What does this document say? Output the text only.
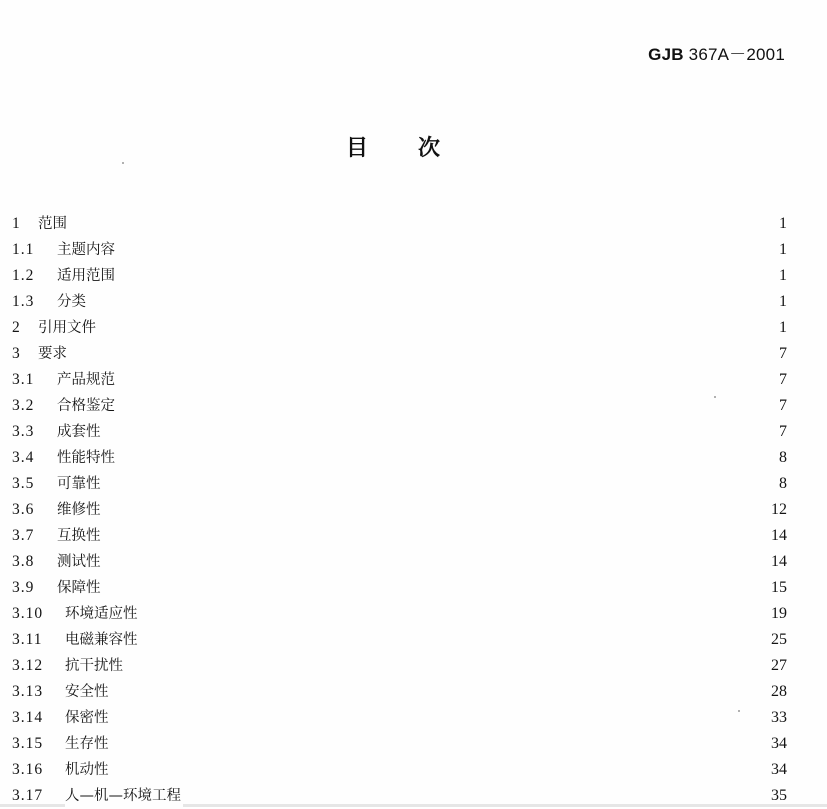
GJB 367A－2001
目次
1 范围	1
1.1 主题内容	1
1.2 适用范围	1
1.3 分类	1
2 引用文件	1
3 要求	7
3.1 产品规范	7
3.2 合格鉴定	7
3.3 成套性	7
3.4 性能特性	8
3.5 可靠性	8
3.6 维修性	12
3.7 互换性	14
3.8 测试性	14
3.9 保障性	15
3.10 环境适应性	19
3.11 电磁兼容性	25
3.12 抗干扰性	27
3.13 安全性	28
3.14 保密性	33
3.15 生存性	34
3.16 机动性	34
3.17 人—机—环境工程	35
